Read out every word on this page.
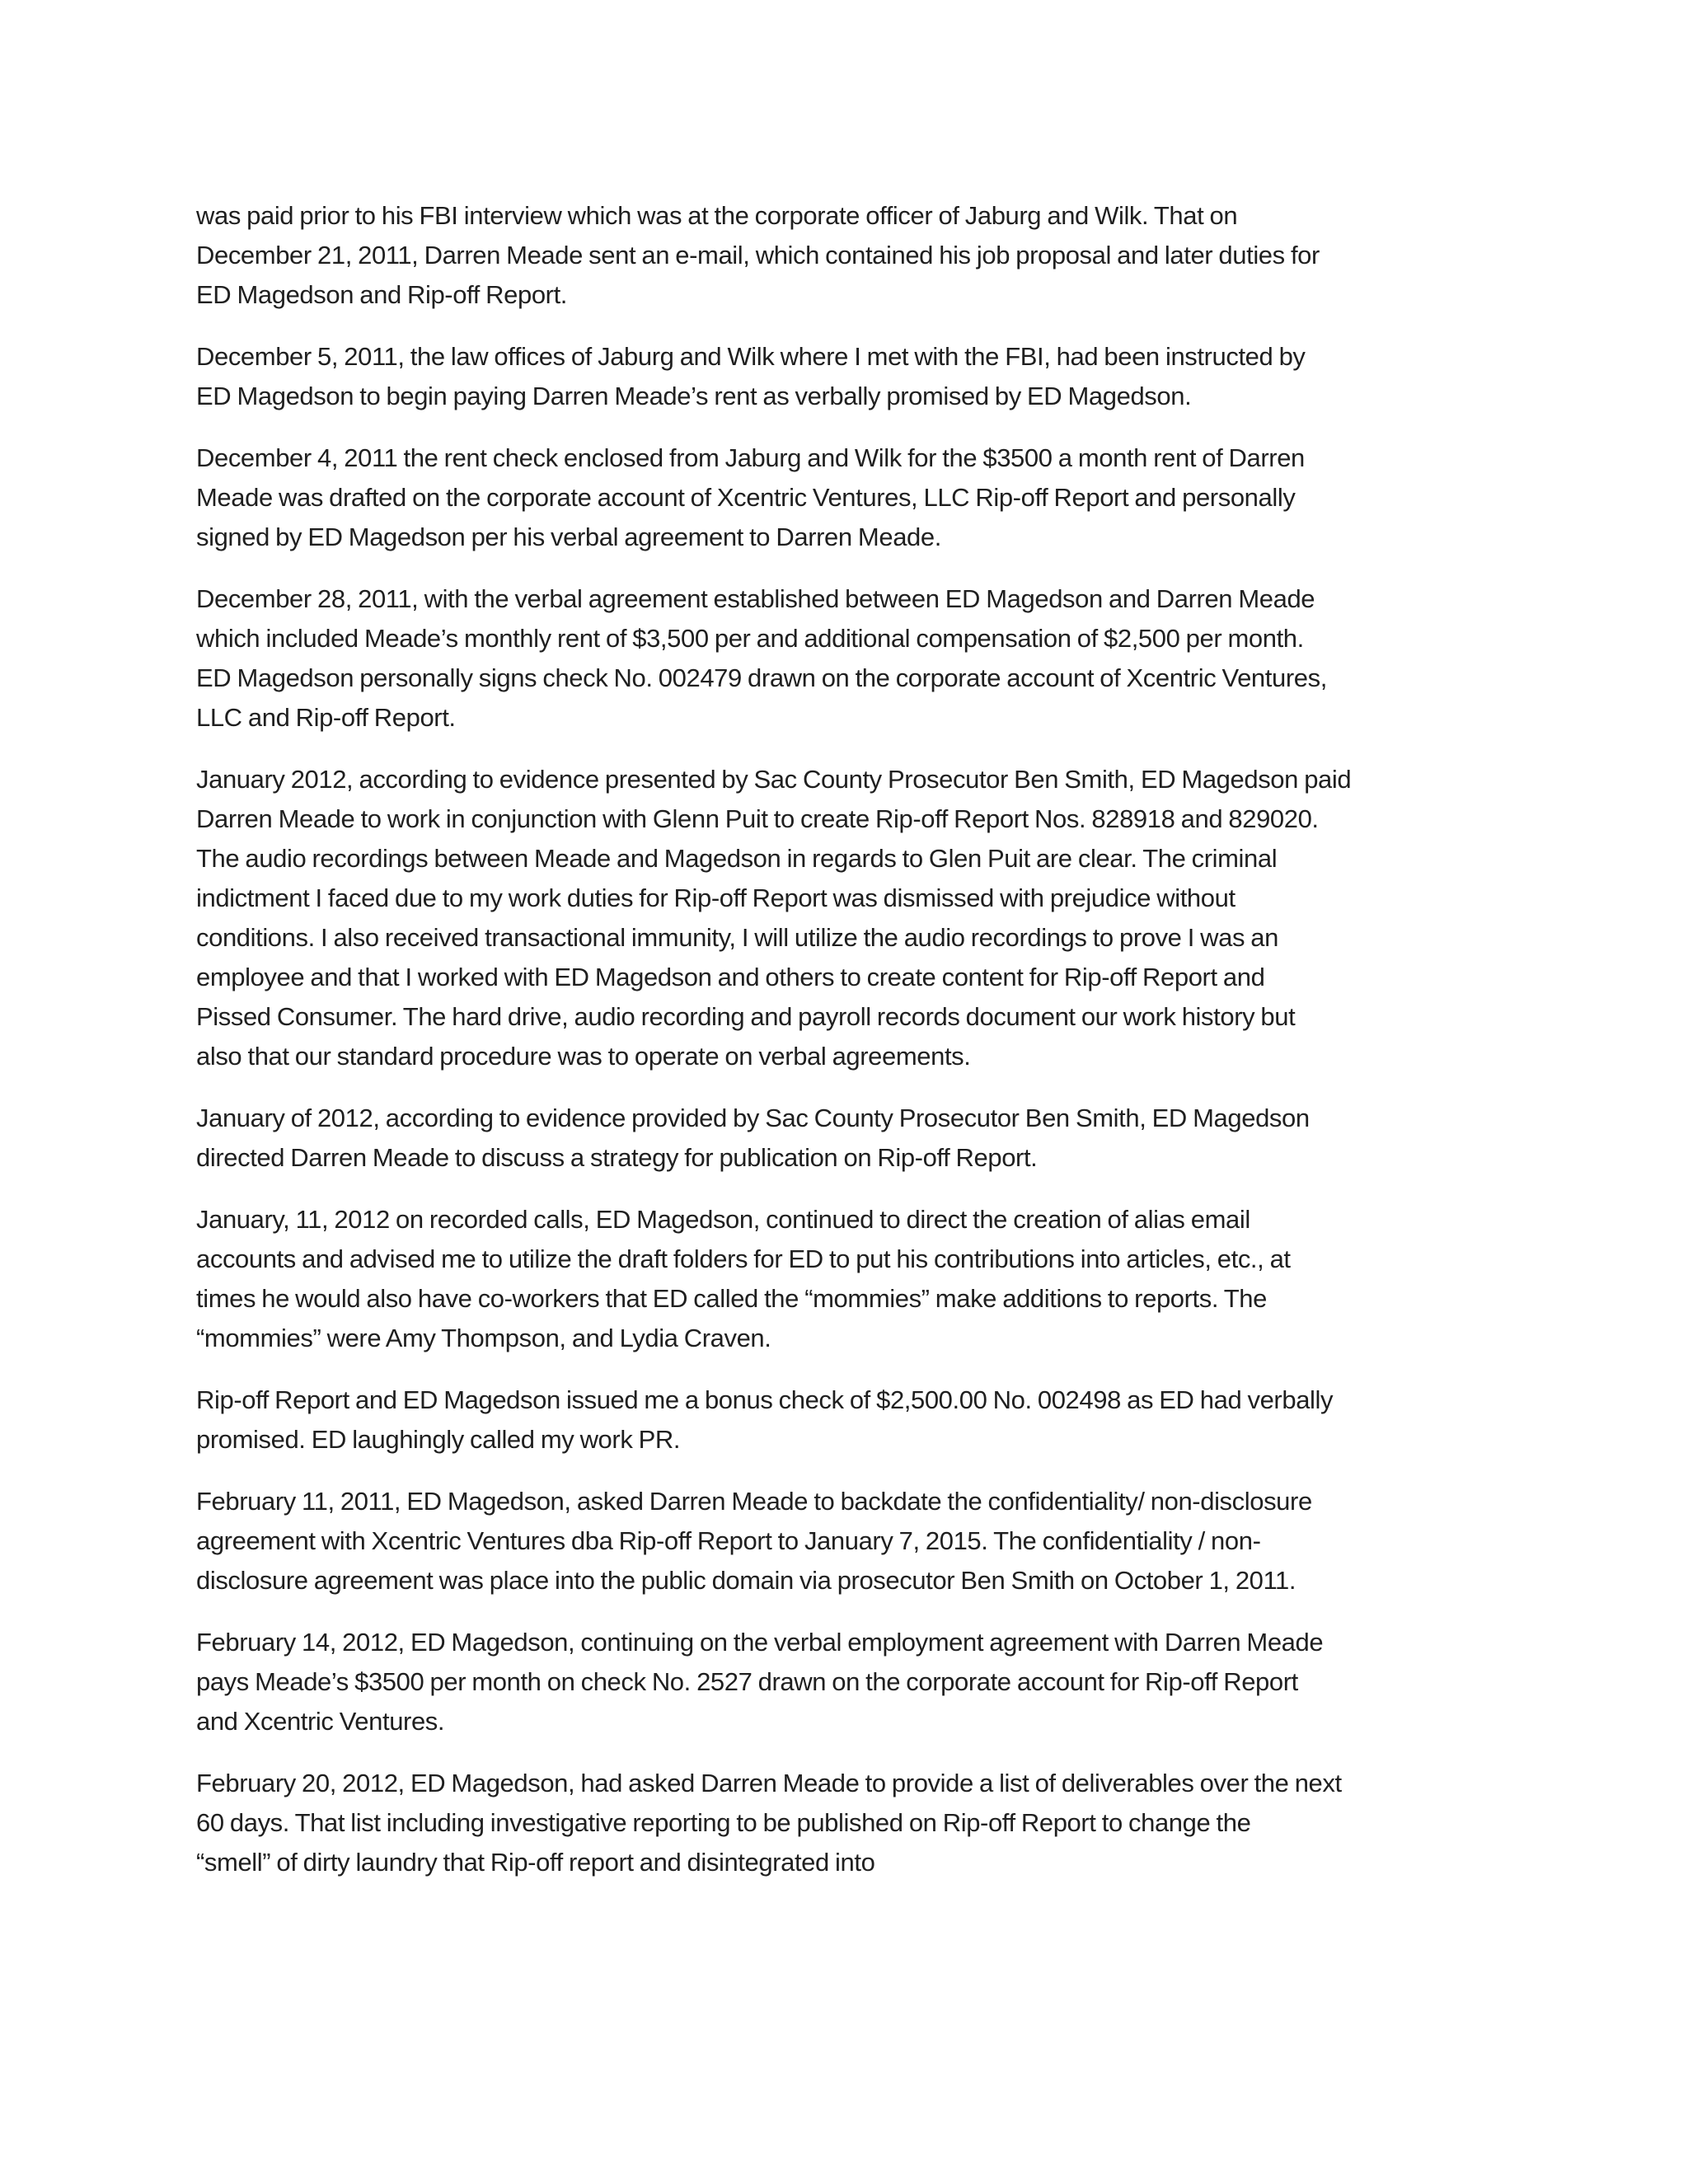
was paid prior to his FBI interview which was at the corporate officer of Jaburg and Wilk. That on
December 21, 2011, Darren Meade sent an e-mail, which contained his job proposal and later duties for
ED Magedson and Rip-off Report.

December 5, 2011, the law offices of Jaburg and Wilk where I met with the FBI, had been instructed by
ED Magedson to begin paying Darren Meade’s rent as verbally promised by ED Magedson.

December 4, 2011 the rent check enclosed from Jaburg and Wilk for the $3500 a month rent of Darren
Meade was drafted on the corporate account of Xcentric Ventures, LLC Rip-off Report and personally
signed by ED Magedson per his verbal agreement to Darren Meade.

December 28, 2011, with the verbal agreement established between ED Magedson and Darren Meade
which included Meade’s monthly rent of $3,500 per and additional compensation of $2,500 per month.
ED Magedson personally signs check No. 002479 drawn on the corporate account of Xcentric Ventures,
LLC and Rip-off Report.

January 2012, according to evidence presented by Sac County Prosecutor Ben Smith, ED Magedson paid
Darren Meade to work in conjunction with Glenn Puit to create Rip-off Report Nos. 828918 and 829020.
The audio recordings between Meade and Magedson in regards to Glen Puit are clear. The criminal
indictment I faced due to my work duties for Rip-off Report was dismissed with prejudice without
conditions. I also received transactional immunity, I will utilize the audio recordings to prove I was an
employee and that I worked with ED Magedson and others to create content for Rip-off Report and
Pissed Consumer. The hard drive, audio recording and payroll records document our work history but
also that our standard procedure was to operate on verbal agreements.

January of 2012, according to evidence provided by Sac County Prosecutor Ben Smith, ED Magedson
directed Darren Meade to discuss a strategy for publication on Rip-off Report.

January, 11, 2012 on recorded calls, ED Magedson, continued to direct the creation of alias email
accounts and advised me to utilize the draft folders for ED to put his contributions into articles, etc., at
times he would also have co-workers that ED called the “mommies” make additions to reports. The
“mommies” were Amy Thompson, and Lydia Craven.

Rip-off Report and ED Magedson issued me a bonus check of $2,500.00 No. 002498 as ED had verbally
promised. ED laughingly called my work PR.

February 11, 2011, ED Magedson, asked Darren Meade to backdate the confidentiality/ non-disclosure
agreement with Xcentric Ventures dba Rip-off Report to January 7, 2015. The confidentiality / non-
disclosure agreement was place into the public domain via prosecutor Ben Smith on October 1, 2011.

February 14, 2012, ED Magedson, continuing on the verbal employment agreement with Darren Meade
pays Meade’s $3500 per month on check No. 2527 drawn on the corporate account for Rip-off Report
and Xcentric Ventures.

February 20, 2012, ED Magedson, had asked Darren Meade to provide a list of deliverables over the next
60 days. That list including investigative reporting to be published on Rip-off Report to change the
“smell” of dirty laundry that Rip-off report and disintegrated into
